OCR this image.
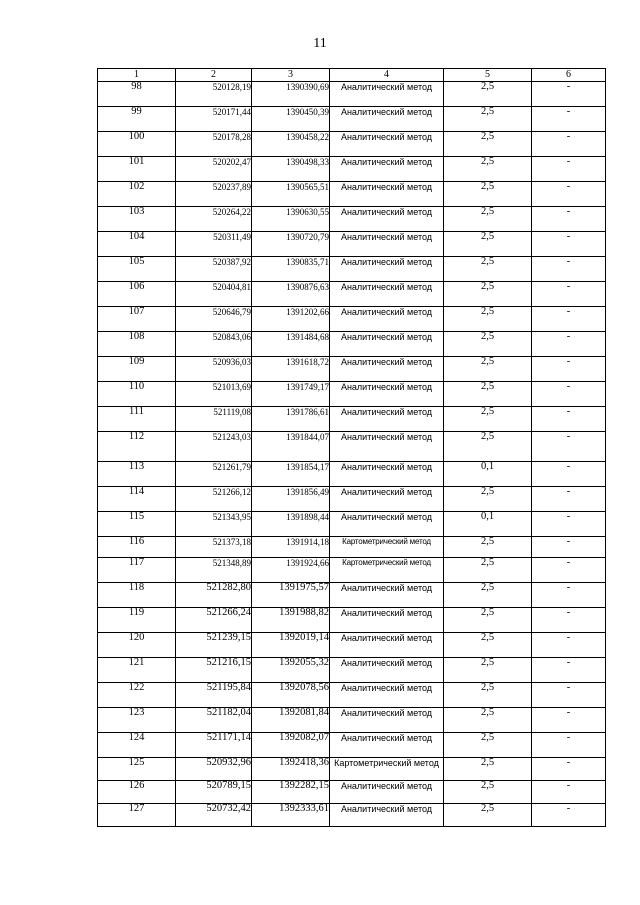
11
1	2	3	4	5	6
98	520128,19	1390390,69	Аналитический метод	2,5	-
99	520171,44	1390450,39	Аналитический метод	2,5	-
100	520178,28	1390458,22	Аналитический метод	2,5	-
101	520202,47	1390498,33	Аналитический метод	2,5	-
102	520237,89	1390565,51	Аналитический метод	2,5	-
103	520264,22	1390630,55	Аналитический метод	2,5	-
104	520311,49	1390720,79	Аналитический метод	2,5	-
105	520387,92	1390835,71	Аналитический метод	2,5	-
106	520404,81	1390876,63	Аналитический метод	2,5	-
107	520646,79	1391202,66	Аналитический метод	2,5	-
108	520843,06	1391484,68	Аналитический метод	2,5	-
109	520936,03	1391618,72	Аналитический метод	2,5	-
110	521013,69	1391749,17	Аналитический метод	2,5	-
111	521119,08	1391786,61	Аналитический метод	2,5	-
112	521243,03	1391844,07	Аналитический метод	2,5	-
113	521261,79	1391854,17	Аналитический метод	0,1	-
114	521266,12	1391856,49	Аналитический метод	2,5	-
115	521343,95	1391898,44	Аналитический метод	0,1	-
116	521373,18	1391914,18	Картометрический метод	2,5	-
117	521348,89	1391924,66	Картометрический метод	2,5	-
118	521282,80	1391975,57	Аналитический метод	2,5	-
119	521266,24	1391988,82	Аналитический метод	2,5	-
120	521239,15	1392019,14	Аналитический метод	2,5	-
121	521216,15	1392055,32	Аналитический метод	2,5	-
122	521195,84	1392078,56	Аналитический метод	2,5	-
123	521182,04	1392081,84	Аналитический метод	2,5	-
124	521171,14	1392082,07	Аналитический метод	2,5	-
125	520932,96	1392418,36	Картометрический метод	2,5	-
126	520789,15	1392282,15	Аналитический метод	2,5	-
127	520732,42	1392333,61	Аналитический метод	2,5	-
